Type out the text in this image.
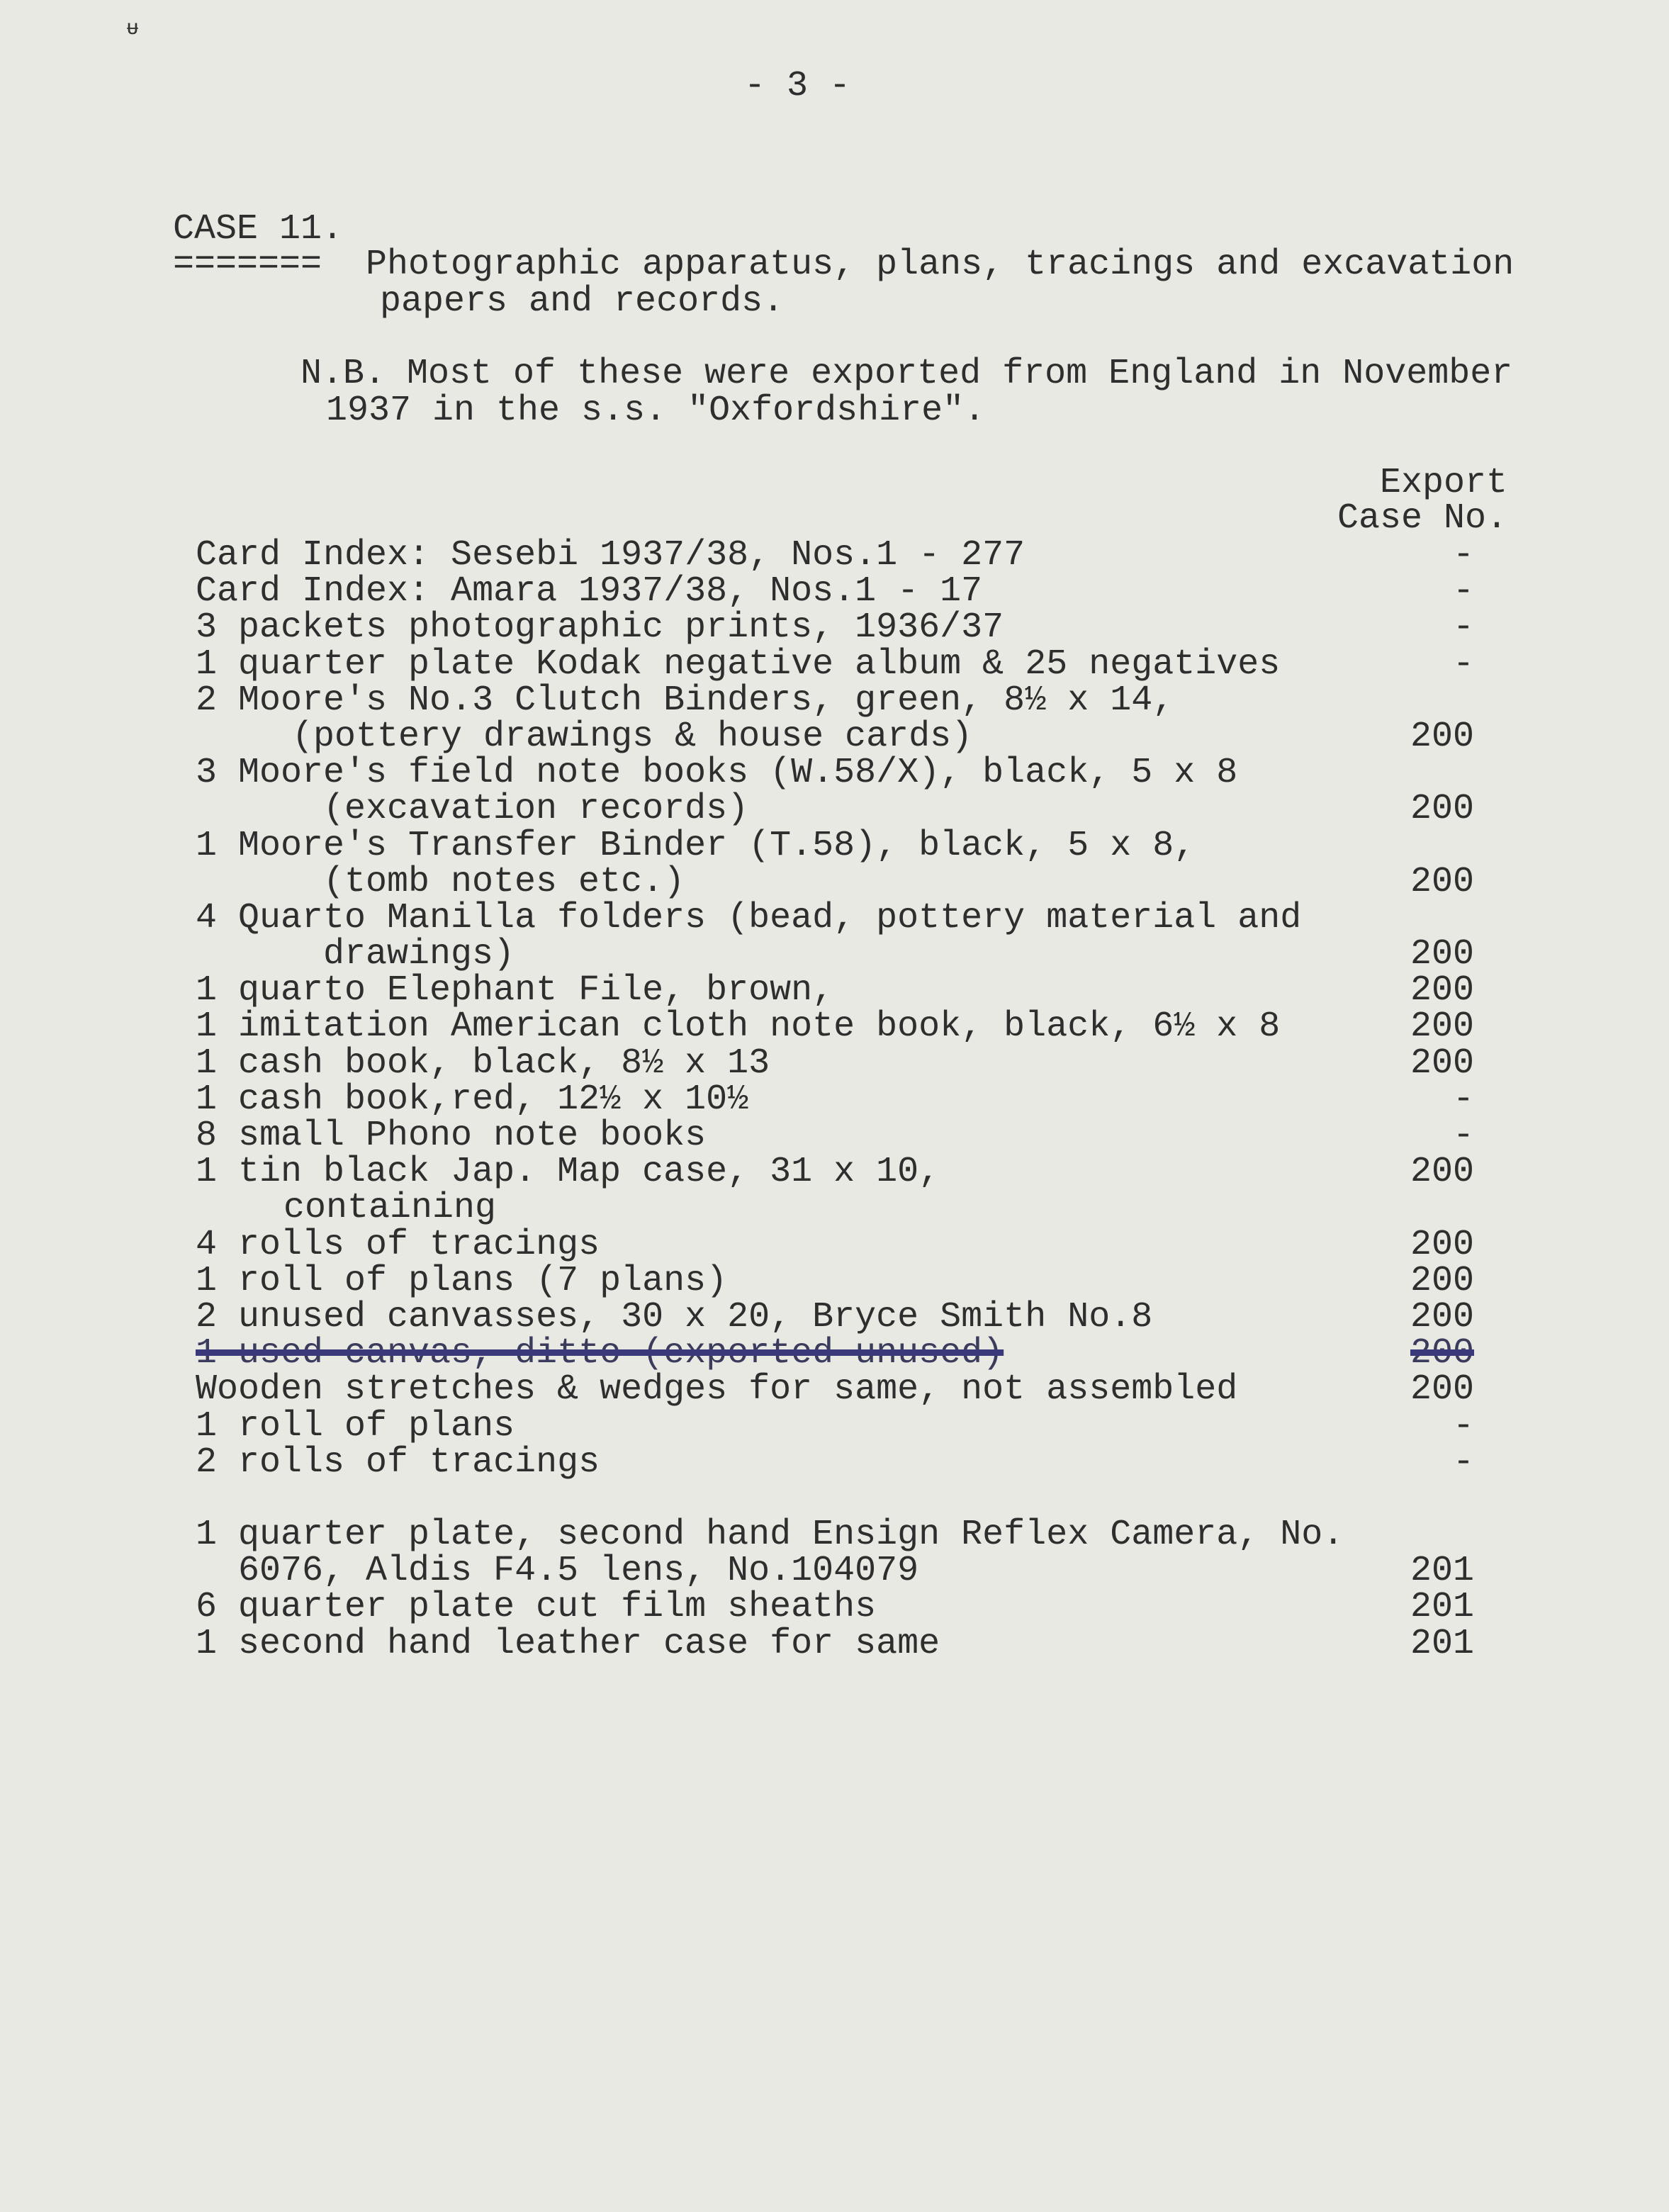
ᵾ
- 3 -
CASE 11.
======= Photographic apparatus, plans, tracings and excavation
papers and records.
N.B. Most of these were exported from England in November
1937 in the s.s. "Oxfordshire".
Export
Case No.
Card Index: Sesebi 1937/38, Nos.1 - 277	-
Card Index: Amara 1937/38, Nos.1 - 17	-
3 packets photographic prints, 1936/37	-
1 quarter plate Kodak negative album & 25 negatives	-
2 Moore's No.3 Clutch Binders, green, 8½ x 14,
(pottery drawings & house cards)	200
3 Moore's field note books (W.58/X), black, 5 x 8
(excavation records)	200
1 Moore's Transfer Binder (T.58), black, 5 x 8,
(tomb notes etc.)	200
4 Quarto Manilla folders (bead, pottery material and
drawings)	200
1 quarto Elephant File, brown,	200
1 imitation American cloth note book, black, 6½ x 8	200
1 cash book, black, 8½ x 13	200
1 cash book,red, 12½ x 10½	-
8 small Phono note books	-
1 tin black Jap. Map case, 31 x 10,	200
containing
4 rolls of tracings	200
1 roll of plans (7 plans)	200
2 unused canvasses, 30 x 20, Bryce Smith No.8	200
1 used canvas, ditto (exported unused)	200
Wooden stretches & wedges for same, not assembled	200
1 roll of plans	-
2 rolls of tracings	-
1 quarter plate, second hand Ensign Reflex Camera, No.
6076, Aldis F4.5 lens, No.104079	201
6 quarter plate cut film sheaths	201
1 second hand leather case for same	201
